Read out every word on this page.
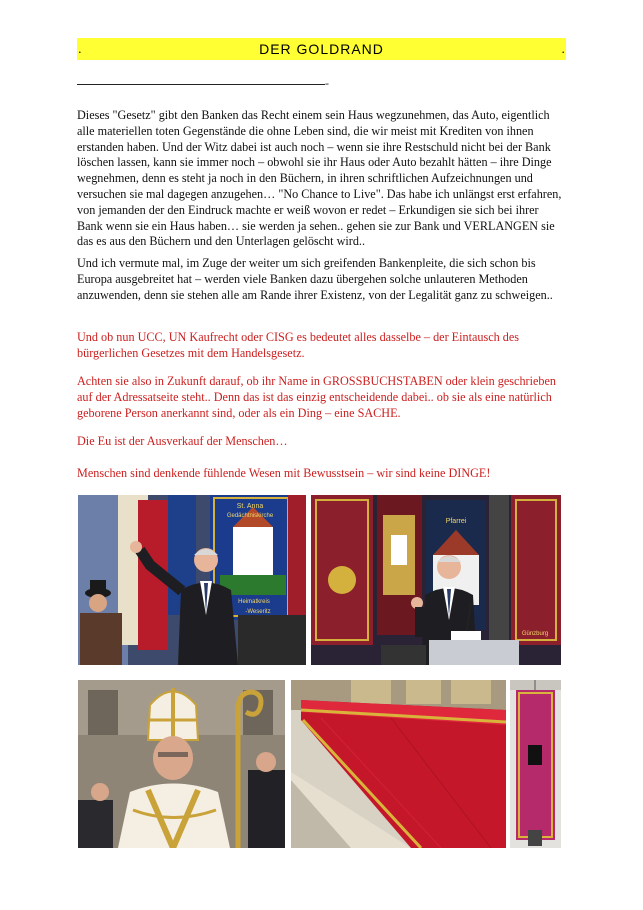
.	DER GOLDRAND	.
-

Dieses "Gesetz" gibt den Banken das Recht einem sein Haus wegzunehmen, das Auto, eigentlich alle materiellen toten Gegenstände die ohne Leben sind, die wir meist mit Krediten von ihnen erstanden haben. Und der Witz dabei ist auch noch – wenn sie ihre Restschuld nicht bei der Bank löschen lassen, kann sie immer noch – obwohl sie ihr Haus oder Auto bezahlt hätten – ihre Dinge wegnehmen, denn es steht ja noch in den Büchern, in ihren schriftlichen Aufzeichnungen und versuchen sie mal dagegen anzugehen… "No Chance to Live". Das habe ich unlängst erst erfahren, von jemanden der den Eindruck machte er weiß wovon er redet – Erkundigen sie sich bei ihrer Bank wenn sie ein Haus haben… sie werden ja sehen.. gehen sie zur Bank und VERLANGEN sie das es aus den Büchern und den Unterlagen gelöscht wird..

Und ich vermute mal, im Zuge der weiter um sich greifenden Bankenpleite, die sich schon bis Europa ausgebreitet hat – werden viele Banken dazu übergehen solche unlauteren Methoden anzuwenden, denn sie stehen alle am Rande ihrer Existenz, von der Legalität ganz zu schweigen..

Und ob nun UCC, UN Kaufrecht oder CISG es bedeutet alles dasselbe – der Eintausch des bürgerlichen Gesetzes mit dem Handelsgesetz.

Achten sie also in Zukunft darauf, ob ihr Name in GROSSBUCHSTABEN oder klein geschrieben auf der Adressatseite steht.. Denn das ist das einzig entscheidende dabei.. ob sie als eine natürlich geborene Person anerkannt sind, oder als ein Ding – eine SACHE.

Die Eu ist der Ausverkauf der Menschen…

Menschen sind denkende fühlende Wesen mit Bewusstsein – wir sind keine DINGE!

St. Anna
Gedächtniskirche
Heimatkreis
-Weseritz
Pfarrei
Günzburg
